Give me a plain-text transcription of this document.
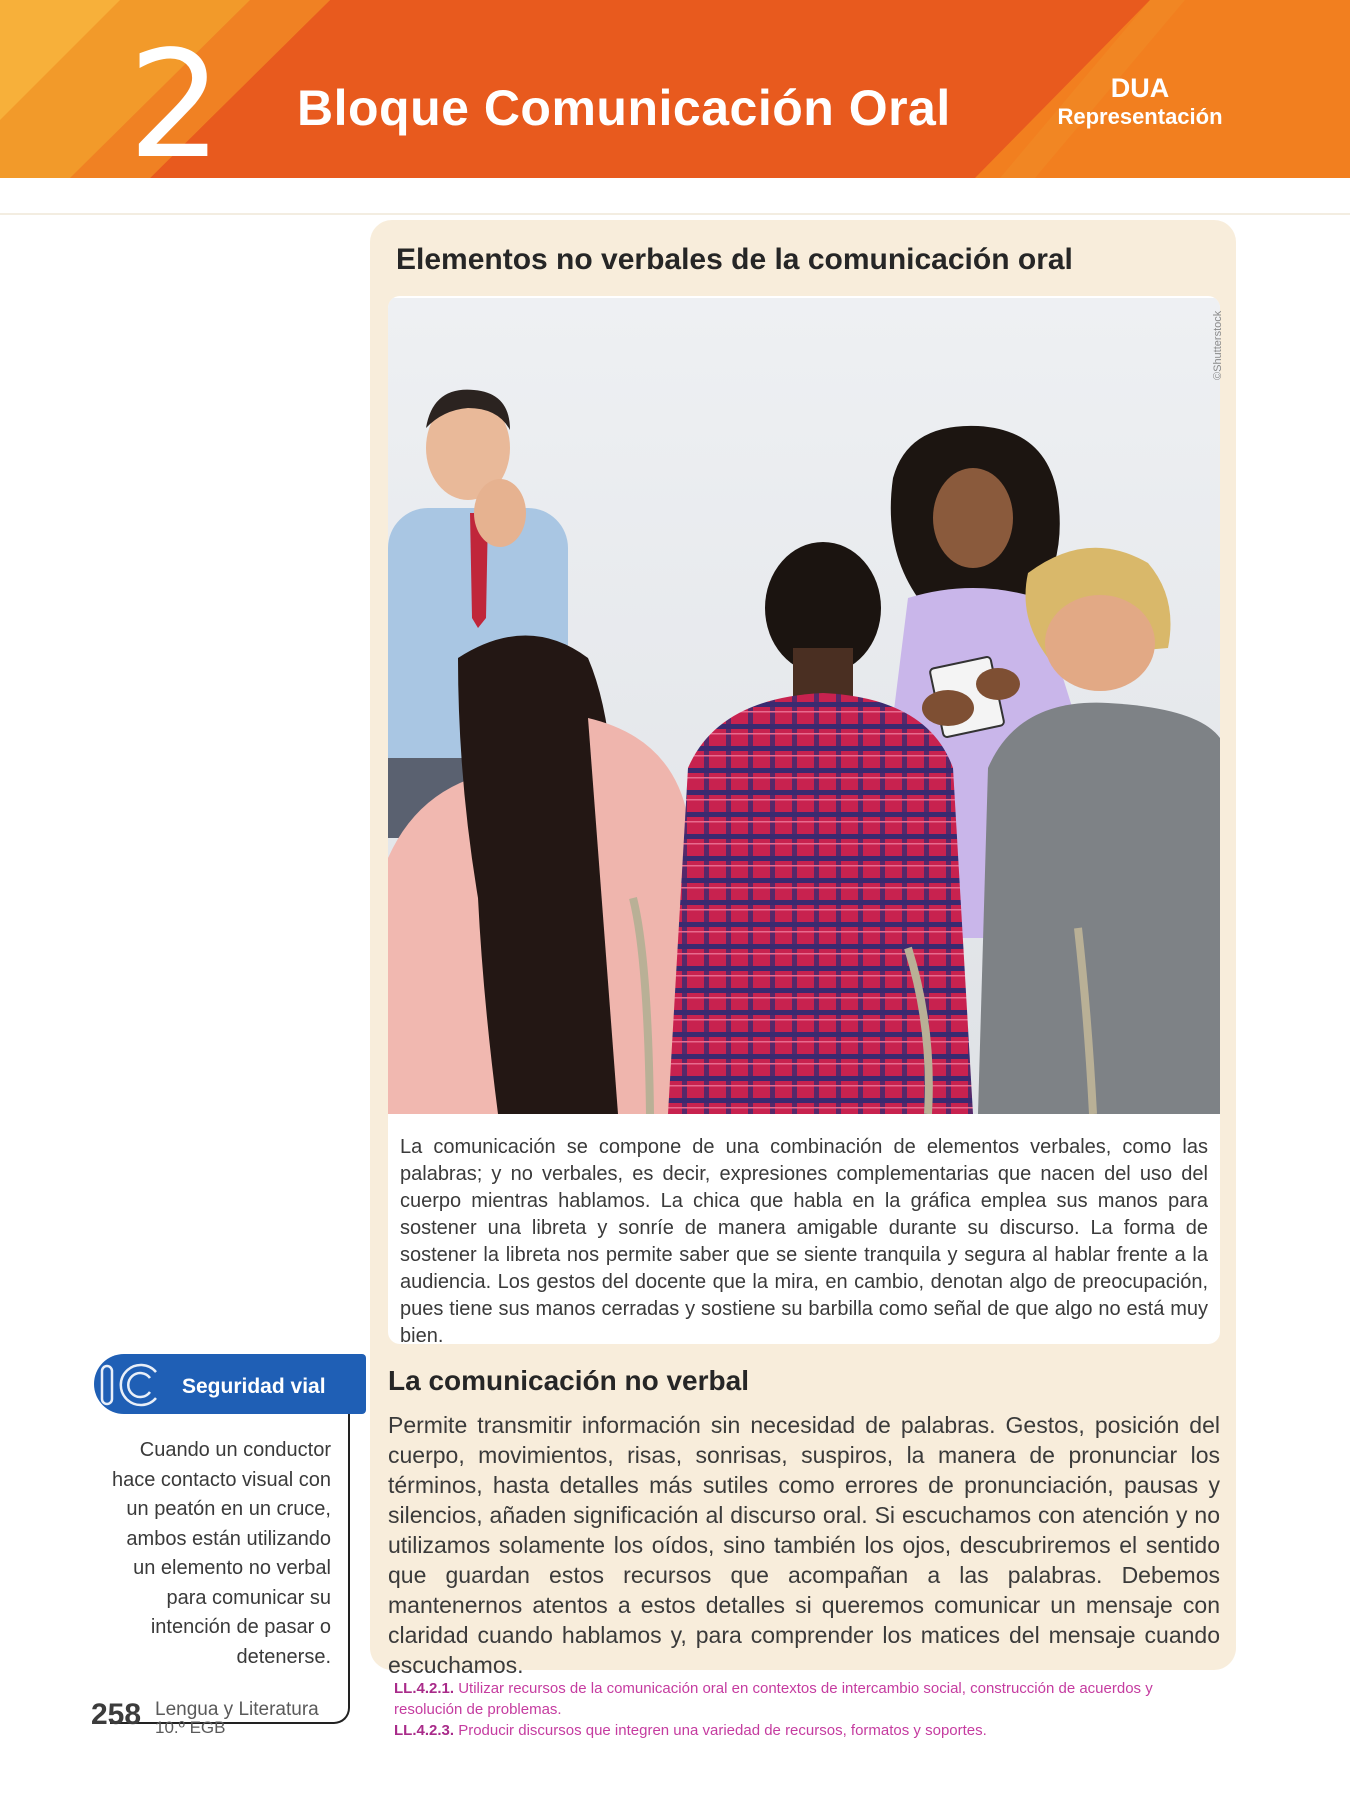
2 Bloque Comunicación Oral	DUA
Representación
Elementos no verbales de la comunicación oral
©Shutterstock

La comunicación se compone de una combinación de elementos verbales, como las palabras; y no verbales, es decir, expresiones complementarias que nacen del uso del cuerpo mientras hablamos. La chica que habla en la gráfica emplea sus manos para sostener una libreta y sonríe de manera amigable durante su discurso. La forma de sostener la libreta nos permite saber que se siente tranquila y segura al hablar frente a la audiencia. Los gestos del docente que la mira, en cambio, denotan algo de preocupación, pues tiene sus manos cerradas y sostiene su barbilla como señal de que algo no está muy bien.

La comunicación no verbal

Permite transmitir información sin necesidad de palabras. Gestos, posición del cuerpo, movimientos, risas, sonrisas, suspiros, la manera de pronunciar los términos, hasta detalles más sutiles como errores de pronunciación, pausas y silencios, añaden significación al discurso oral. Si escuchamos con atención y no utilizamos solamente los oídos, sino también los ojos, descubriremos el sentido que guardan estos recursos que acompañan a las palabras. Debemos mantenernos atentos a estos detalles si queremos comunicar un mensaje con claridad cuando hablamos y, para comprender los matices del mensaje cuando escuchamos.

Seguridad vial

Cuando un conductor hace contacto visual con un peatón en un cruce, ambos están utilizando un elemento no verbal para comunicar su intención de pasar o detenerse.

258 Lengua y Literatura
10.º EGB
LL.4.2.1. Utilizar recursos de la comunicación oral en contextos de intercambio social, construcción de acuerdos y resolución de problemas.
LL.4.2.3. Producir discursos que integren una variedad de recursos, formatos y soportes.
